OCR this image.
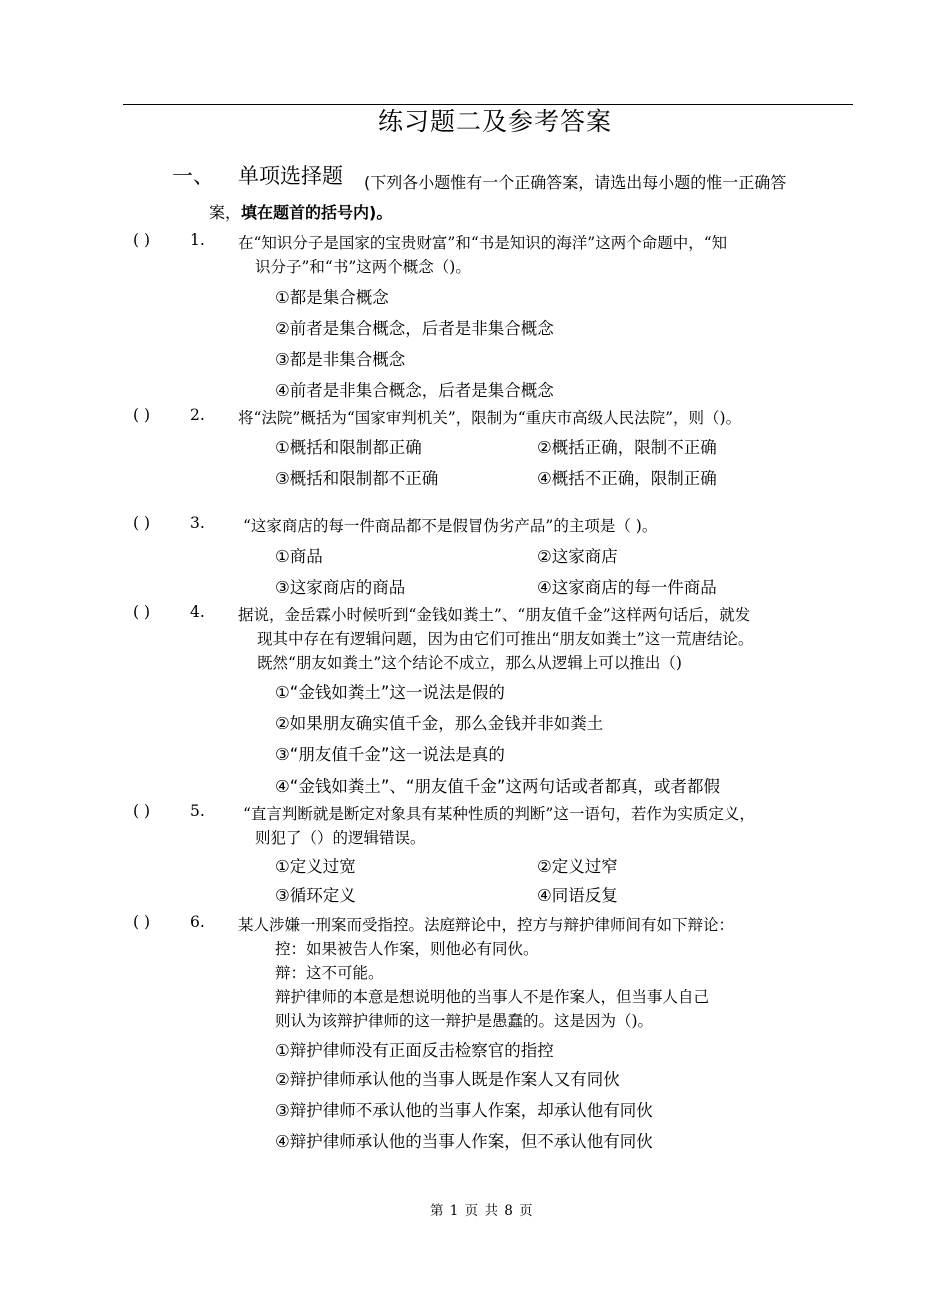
练习题二及参考答案
一、 单项选择题 (下列各小题惟有一个正确答案，请选出每小题的惟一正确答
案，填在题首的括号内)。
( )	1. 在“知识分子是国家的宝贵财富”和“书是知识的海洋”这两个命题中，“知
识分子”和“书”这两个概念（)。
①都是集合概念
②前者是集合概念，后者是非集合概念
③都是非集合概念
④前者是非集合概念，后者是集合概念
( )	2. 将“法院”概括为“国家审判机关”，限制为“重庆市高级人民法院”，则（)。
①概括和限制都正确	②概括正确，限制不正确
③概括和限制都不正确	④概括不正确，限制正确
( )	3. “这家商店的每一件商品都不是假冒伪劣产品”的主项是（ )。
①商品	②这家商店
③这家商店的商品	④这家商店的每一件商品
( )	4. 据说，金岳霖小时候听到“金钱如粪土”、“朋友值千金”这样两句话后，就发
现其中存在有逻辑问题，因为由它们可推出“朋友如粪土”这一荒唐结论。
既然“朋友如粪土”这个结论不成立，那么从逻辑上可以推出（)
①“金钱如粪土”这一说法是假的
②如果朋友确实值千金，那么金钱并非如粪土
③“朋友值千金”这一说法是真的
④“金钱如粪土”、“朋友值千金”这两句话或者都真，或者都假
( )	5. “直言判断就是断定对象具有某种性质的判断”这一语句，若作为实质定义，
则犯了（）的逻辑错误。
①定义过宽	②定义过窄
③循环定义	④同语反复
( )	6. 某人涉嫌一刑案而受指控。法庭辩论中，控方与辩护律师间有如下辩论：
控：如果被告人作案，则他必有同伙。
辩：这不可能。
辩护律师的本意是想说明他的当事人不是作案人，但当事人自己
则认为该辩护律师的这一辩护是愚蠢的。这是因为（)。
①辩护律师没有正面反击检察官的指控
②辩护律师承认他的当事人既是作案人又有同伙
③辩护律师不承认他的当事人作案，却承认他有同伙
④辩护律师承认他的当事人作案，但不承认他有同伙
第 1 页 共 8 页
